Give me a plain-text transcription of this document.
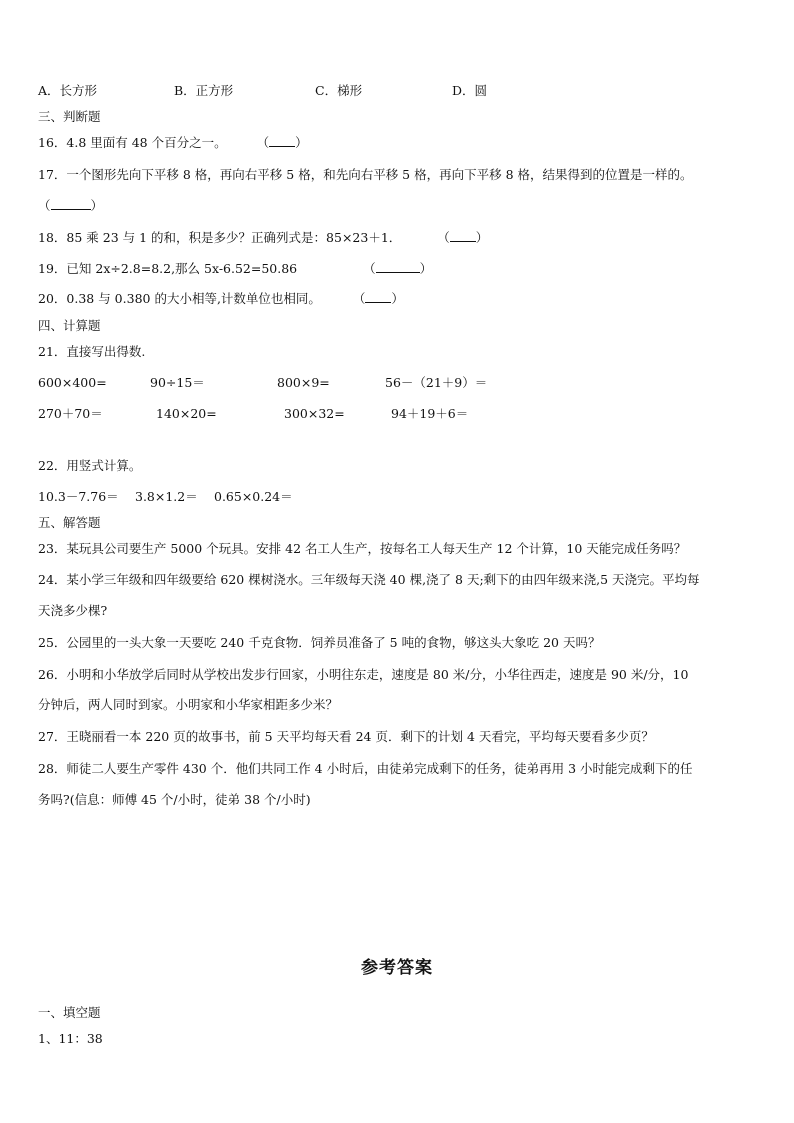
A．长方形	B．正方形	C．梯形	D．圆
三、判断题
16．4.8 里面有 48 个百分之一。 （ ）
17．一个图形先向下平移 8 格，再向右平移 5 格，和先向右平移 5 格，再向下平移 8 格，结果得到的位置是一样的。
（	）
18．85 乘 23 与 1 的和，积是多少？正确列式是：85×23＋1．	（ ）
19．已知 2x÷2.8=8.2,那么 5x-6.52=50.86	（	）
20．0.38 与 0.380 的大小相等,计数单位也相同。	（ ）
四、计算题
21．直接写出得数.
600×400=	90÷15＝	800×9=	56－（21＋9）＝
270＋70＝	140×20=	300×32=	94＋19＋6＝
22．用竖式计算。
10.3－7.76＝ 3.8×1.2＝ 0.65×0.24＝
五、解答题
23．某玩具公司要生产 5000 个玩具。安排 42 名工人生产，按每名工人每天生产 12 个计算，10 天能完成任务吗？
24．某小学三年级和四年级要给 620 棵树浇水。三年级每天浇 40 棵,浇了 8 天;剩下的由四年级来浇,5 天浇完。平均每
天浇多少棵?
25．公园里的一头大象一天要吃 240 千克食物．饲养员准备了 5 吨的食物，够这头大象吃 20 天吗？
26．小明和小华放学后同时从学校出发步行回家，小明往东走，速度是 80 米/分，小华往西走，速度是 90 米/分，10
分钟后，两人同时到家。小明家和小华家相距多少米？
27．王晓丽看一本 220 页的故事书，前 5 天平均每天看 24 页．剩下的计划 4 天看完，平均每天要看多少页？
28．师徒二人要生产零件 430 个．他们共同工作 4 小时后，由徒弟完成剩下的任务，徒弟再用 3 小时能完成剩下的任
务吗?(信息：师傅 45 个/小时，徒弟 38 个/小时)
参考答案
一、填空题
1、11：38
